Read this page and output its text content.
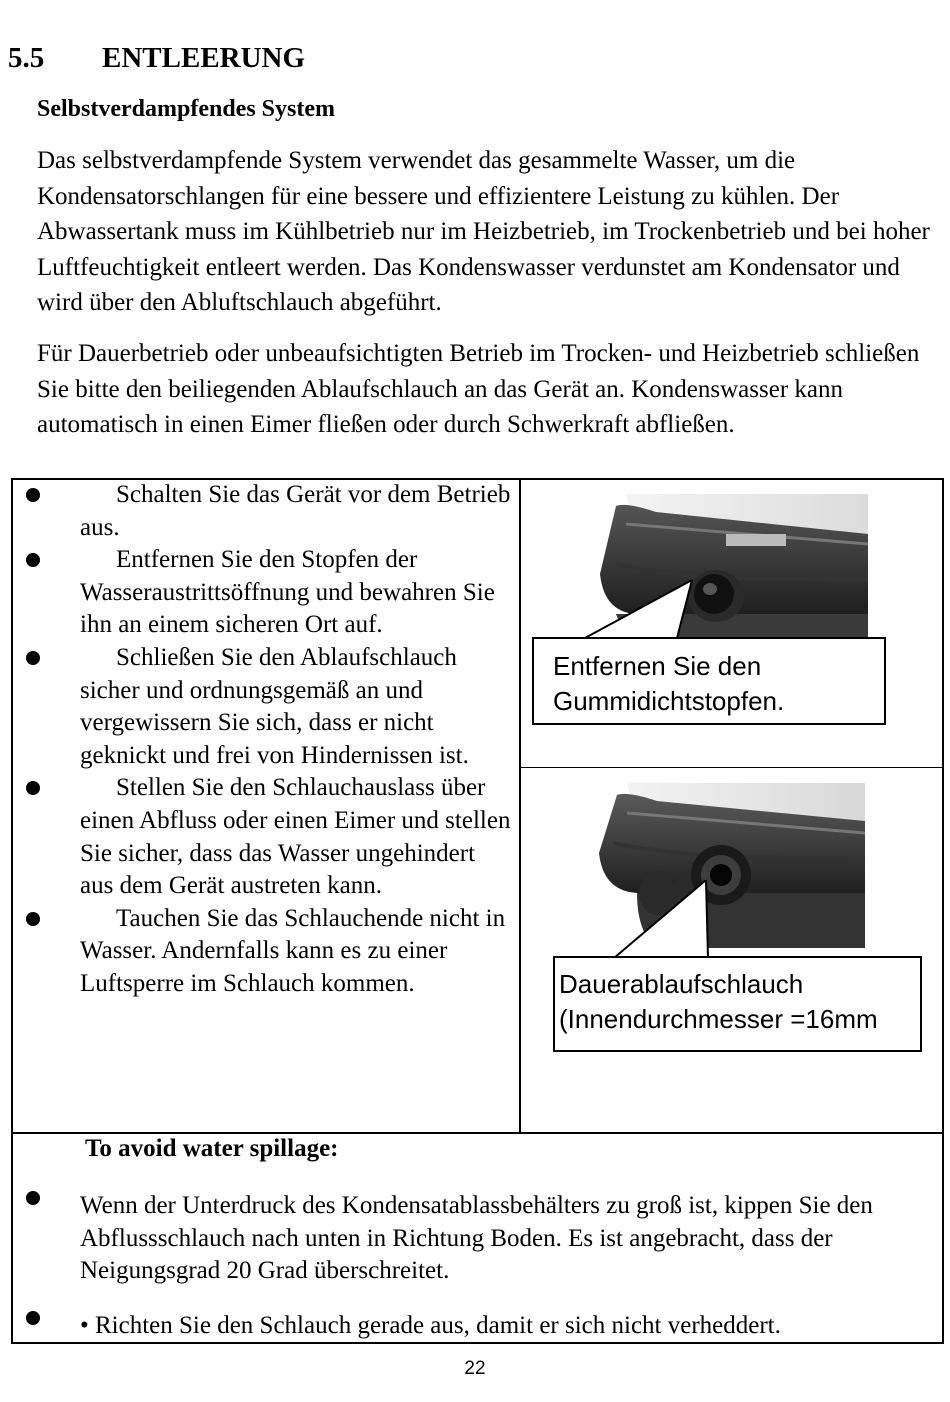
5.5 ENTLEERUNG
Selbstverdampfendes System
Das selbstverdampfende System verwendet das gesammelte Wasser, um die Kondensatorschlangen für eine bessere und effizientere Leistung zu kühlen. Der Abwassertank muss im Kühlbetrieb nur im Heizbetrieb, im Trockenbetrieb und bei hoher Luftfeuchtigkeit entleert werden. Das Kondenswasser verdunstet am Kondensator und wird über den Abluftschlauch abgeführt.
Für Dauerbetrieb oder unbeaufsichtigten Betrieb im Trocken- und Heizbetrieb schließen Sie bitte den beiliegenden Ablaufschlauch an das Gerät an. Kondenswasser kann automatisch in einen Eimer fließen oder durch Schwerkraft abfließen.
Schalten Sie das Gerät vor dem Betrieb aus.
Entfernen Sie den Stopfen der Wasseraustrittsöffnung und bewahren Sie ihn an einem sicheren Ort auf.
Schließen Sie den Ablaufschlauch sicher und ordnungsgemäß an und vergewissern Sie sich, dass er nicht geknickt und frei von Hindernissen ist.
Stellen Sie den Schlauchauslass über einen Abfluss oder einen Eimer und stellen Sie sicher, dass das Wasser ungehindert aus dem Gerät austreten kann.
Tauchen Sie das Schlauchende nicht in Wasser. Andernfalls kann es zu einer Luftsperre im Schlauch kommen.
Entfernen Sie den
Gummidichtstopfen.
Dauerablaufschlauch
(Innendurchmesser =16mm
To avoid water spillage:
Wenn der Unterdruck des Kondensatablassbehälters zu groß ist, kippen Sie den Abflussschlauch nach unten in Richtung Boden. Es ist angebracht, dass der Neigungsgrad 20 Grad überschreitet.
• Richten Sie den Schlauch gerade aus, damit er sich nicht verheddert.
22
